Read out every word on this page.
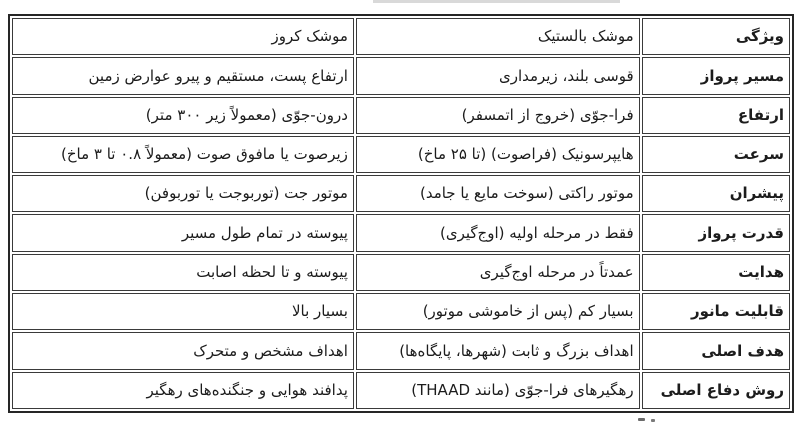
ویژگی	موشک بالستیک	موشک کروز
مسیر پرواز	قوسی بلند، زیرمداری	ارتفاع پست، مستقیم و پیرو عوارض زمین
ارتفاع	فرا-جوّی (خروج از اتمسفر)	درون-جوّی (معمولاً زیر ۳۰۰ متر)
سرعت	هایپرسونیک (فراصوت) (تا ۲۵ ماخ)	زیرصوت یا مافوق صوت (معمولاً ۰.۸ تا ۳ ماخ)
پیشران	موتور راکتی (سوخت مایع یا جامد)	موتور جت (توربوجت یا توربوفن)
قدرت پرواز	فقط در مرحله اولیه (اوج‌گیری)	پیوسته در تمام طول مسیر
هدایت	عمدتاً در مرحله اوج‌گیری	پیوسته و تا لحظه اصابت
قابلیت مانور	بسیار کم (پس از خاموشی موتور)	بسیار بالا
هدف اصلی	اهداف بزرگ و ثابت (شهرها، پایگاه‌ها)	اهداف مشخص و متحرک
روش دفاع اصلی	رهگیرهای فرا-جوّی (مانند THAAD)	پدافند هوایی و جنگنده‌های رهگیر
